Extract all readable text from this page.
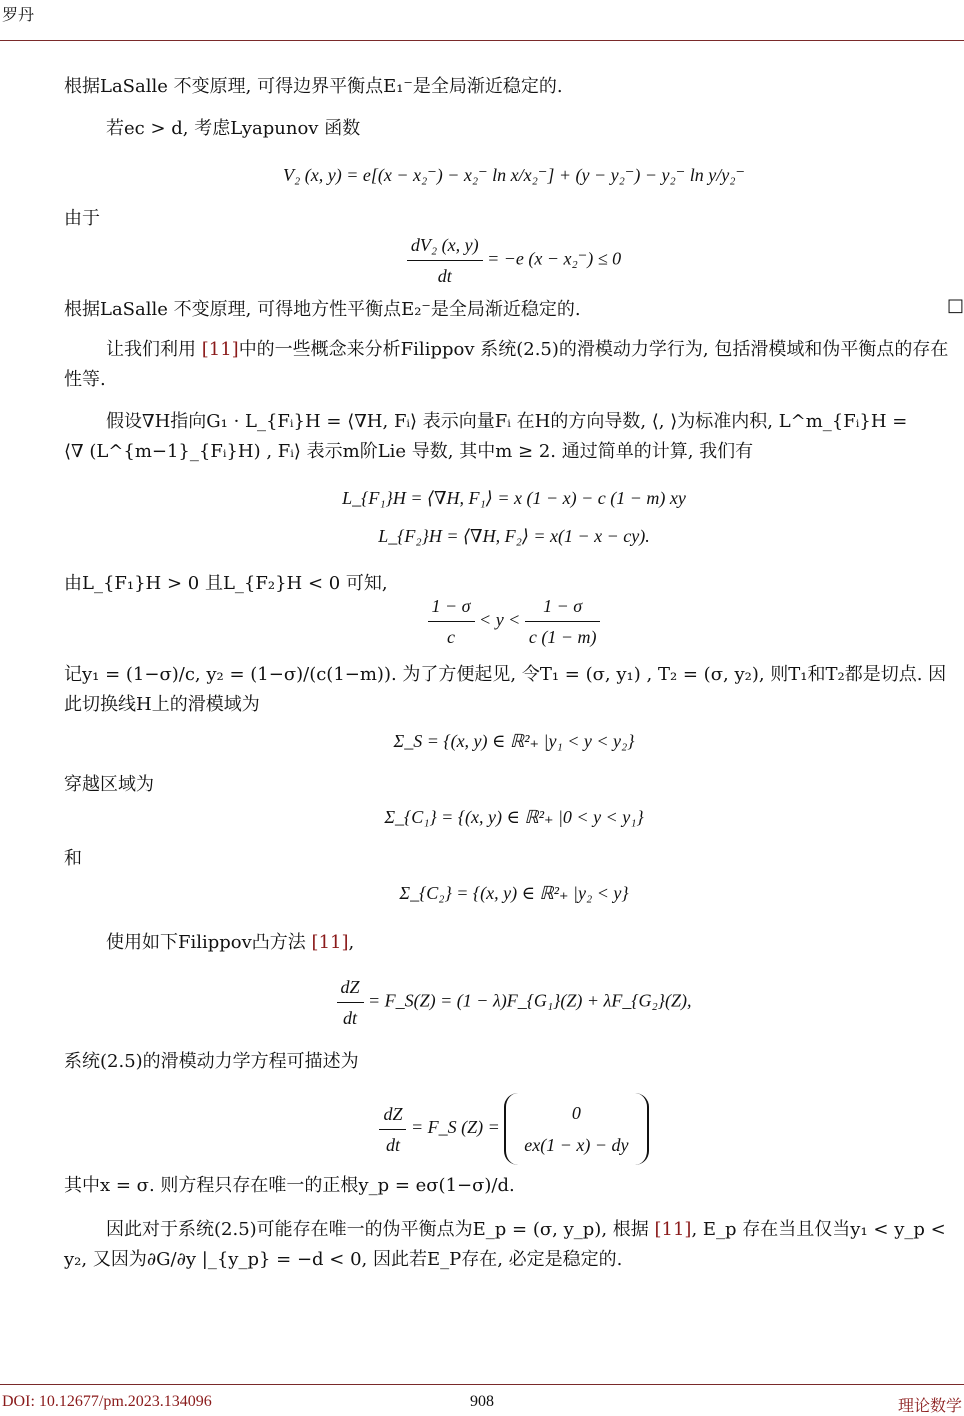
罗丹

根据LaSalle 不变原理, 可得边界平衡点E₁⁻是全局渐近稳定的.

若ec > d, 考虑Lyapunov 函数

V₂ (x, y) = e[(x − x₂⁻) − x₂⁻ ln x/x₂⁻] + (y − y₂⁻) − y₂⁻ ln y/y₂⁻

由于

$\frac{\text{dV₂ (x, y)}}{dt} = -e$ (x − x₂⁻) ≤ 0

根据LaSalle 不变原理, 可得地方性平衡点E₂⁻是全局渐近稳定的.	□

让我们利用 [11]中的一些概念来分析Filippov 系统(2.5)的滑模动力学行为, 包括滑模域和伪平衡点的存在性等.

假设∇H指向G₁ · L_{Fᵢ}H = ⟨∇H, Fᵢ⟩ 表示向量Fᵢ 在H的方向导数, ⟨, ⟩为标准内积, L^m_{Fᵢ}H =

⟨∇ (L^{m−1}_{Fᵢ}H) , Fᵢ⟩ 表示m阶Lie 导数, 其中m ≥ 2. 通过简单的计算, 我们有

L_{F₁}H = ⟨∇H, F₁⟩ = x (1 − x) − c (1 − m) xy

L_{F₂}H = ⟨∇H, F₂⟩ = x(1 − x − cy).

由L_{F₁}H > 0 且L_{F₂}H < 0 可知,

$\frac{1 - \sigma}{c} < y < \frac{1 - \sigma}{c (1 - m)}$

记y₁ = (1−σ)/c, y₂ = (1−σ)/(c(1−m)). 为了方便起见, 令T₁ = (σ, y₁) , T₂ = (σ, y₂), 则T₁和T₂都是切点. 因此切换线H上的滑模域为

Σ_S = {(x, y) ∈ ℝ²₊ |y₁ < y < y₂}

穿越区域为

Σ_{C₁} = {(x, y) ∈ ℝ²₊ |0 < y < y₁}

和

Σ_{C₂} = {(x, y) ∈ ℝ²₊ |y₂ < y}

使用如下Filippov凸方法 [11],

$\frac{dZ}{dt}$ = F_S(Z) = (1 − λ)F_{G₁}(Z) + λF_{G₂}(Z),

系统(2.5)的滑模动力学方程可描述为

$\frac{dZ}{dt}$ = F_S (Z) =
0
ex(1 − x) − dy

其中x = σ. 则方程只存在唯一的正根y_p = eσ(1−σ)/d.

因此对于系统(2.5)可能存在唯一的伪平衡点为E_p = (σ, y_p), 根据 [11], E_p 存在当且仅当y₁ < y_p < y₂, 又因为∂G/∂y |_{y_p} = −d < 0, 因此若E_P存在, 必定是稳定的.

DOI: 10.12677/pm.2023.134096	908	理论数学
